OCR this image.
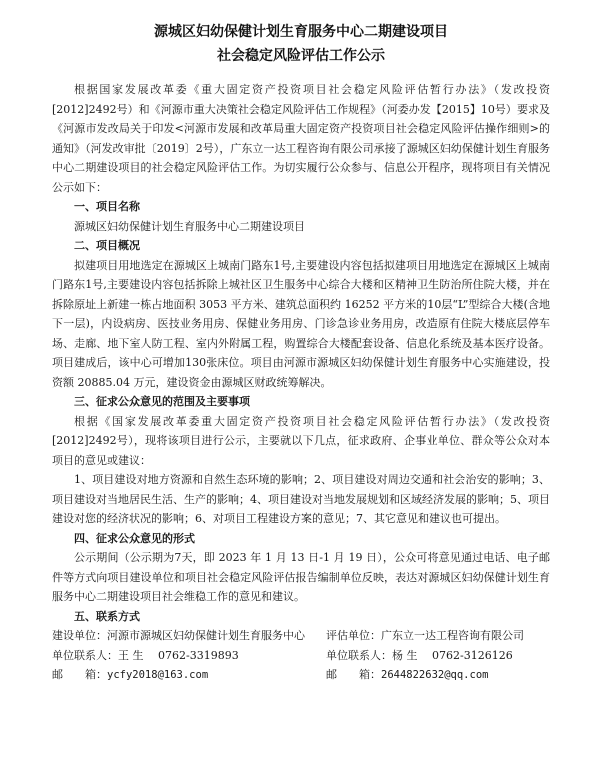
源城区妇幼保健计划生育服务中心二期建设项目
社会稳定风险评估工作公示

根据国家发展改革委《重大固定资产投资项目社会稳定风险评估暂行办法》（发改投资[2012]2492号）和《河源市重大决策社会稳定风险评估工作规程》（河委办发【2015】10号）要求及《河源市发改局关于印发<河源市发展和改革局重大固定资产投资项目社会稳定风险评估操作细则>的通知》（河发改审批〔2019〕2号），广东立一达工程咨询有限公司承接了源城区妇幼保健计划生育服务中心二期建设项目的社会稳定风险评估工作。为切实履行公众参与、信息公开程序，现将项目有关情况公示如下：

一、项目名称

源城区妇幼保健计划生育服务中心二期建设项目

二、项目概况

拟建项目用地选定在源城区上城南门路东1号,主要建设内容包括拟建项目用地选定在源城区上城南门路东1号,主要建设内容包括拆除上城社区卫生服务中心综合大楼和区精神卫生防治所住院大楼，并在拆除原址上新建一栋占地面积 3053 平方米、建筑总面积约 16252 平方米的10层“L”型综合大楼(含地下一层)，内设病房、医技业务用房、保健业务用房、门诊急诊业务用房，改造原有住院大楼底层停车场、走廊、地下室人防工程、室内外附属工程，购置综合大楼配套设备、信息化系统及基本医疗设备。项目建成后，该中心可增加130张床位。项目由河源市源城区妇幼保健计划生育服务中心实施建设，投资额 20885.04 万元，建设资金由源城区财政统筹解决。

三、征求公众意见的范围及主要事项

根据《国家发展改革委重大固定资产投资项目社会稳定风险评估暂行办法》（发改投资[2012]2492号），现将该项目进行公示，主要就以下几点，征求政府、企事业单位、群众等公众对本项目的意见或建议：

1、项目建设对地方资源和自然生态环境的影响；2、项目建设对周边交通和社会治安的影响；3、项目建设对当地居民生活、生产的影响；4、项目建设对当地发展规划和区域经济发展的影响；5、项目建设对您的经济状况的影响；6、对项目工程建设方案的意见；7、其它意见和建议也可提出。

四、征求公众意见的形式

公示期间（公示期为7天，即 2023 年 1 月 13 日-1 月 19 日），公众可将意见通过电话、电子邮件等方式向项目建设单位和项目社会稳定风险评估报告编制单位反映，表达对源城区妇幼保健计划生育服务中心二期建设项目社会维稳工作的意见和建议。

五、联系方式
建设单位：河源市源城区妇幼保健计划生育服务中心	评估单位：广东立一达工程咨询有限公司
单位联系人：王 生　 0762-3319893	单位联系人：杨 生　 0762-3126126
邮　　箱：ycfy2018@163.com	邮　　箱：2644822632@qq.com
